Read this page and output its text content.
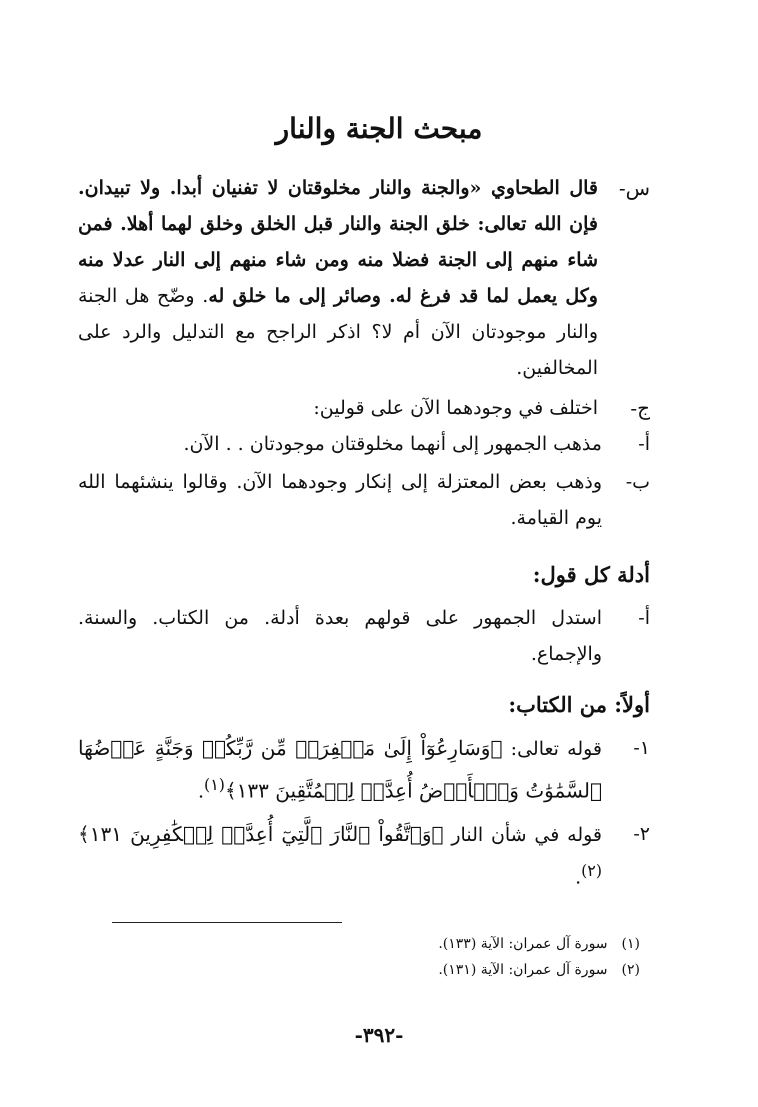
مبحث الجنة والنار
س-
قال الطحاوي «والجنة والنار مخلوقتان لا تفنيان أبدا. ولا تبيدان. فإن الله تعالى: خلق الجنة والنار قبل الخلق وخلق لهما أهلا. فمن شاء منهم إلى الجنة فضلا منه ومن شاء منهم إلى النار عدلا منه وكل يعمل لما قد فرغ له. وصائر إلى ما خلق له. وضّح هل الجنة والنار موجودتان الآن أم لا؟ اذكر الراجح مع التدليل والرد على المخالفين.
ج-
اختلف في وجودهما الآن على قولين:
أ-
مذهب الجمهور إلى أنهما مخلوقتان موجودتان . . الآن.
ب-
وذهب بعض المعتزلة إلى إنكار وجودهما الآن. وقالوا ينشئهما الله يوم القيامة.
أدلة كل قول:
أ-
استدل الجمهور على قولهم بعدة أدلة. من الكتاب. والسنة. والإجماع.
أولاً: من الكتاب:
١-
قوله تعالى: ﴿وَسَارِعُوٓاْ إِلَىٰ مَغۡفِرَةٖ مِّن رَّبِّكُمۡ وَجَنَّةٍ عَرۡضُهَا ٱلسَّمَٰوَٰتُ وَٱلۡأَرۡضُ أُعِدَّتۡ لِلۡمُتَّقِينَ ١٣٣﴾$^{(١)}$.
٢-
قوله في شأن النار ﴿وَٱتَّقُواْ ٱلنَّارَ ٱلَّتِيٓ أُعِدَّتۡ لِلۡكَٰفِرِينَ ١٣١﴾$^{(٢)}$.
(١)سورة آل عمران: الآية (١٣٣).
(٢)سورة آل عمران: الآية (١٣١).
-٣٩٢-
